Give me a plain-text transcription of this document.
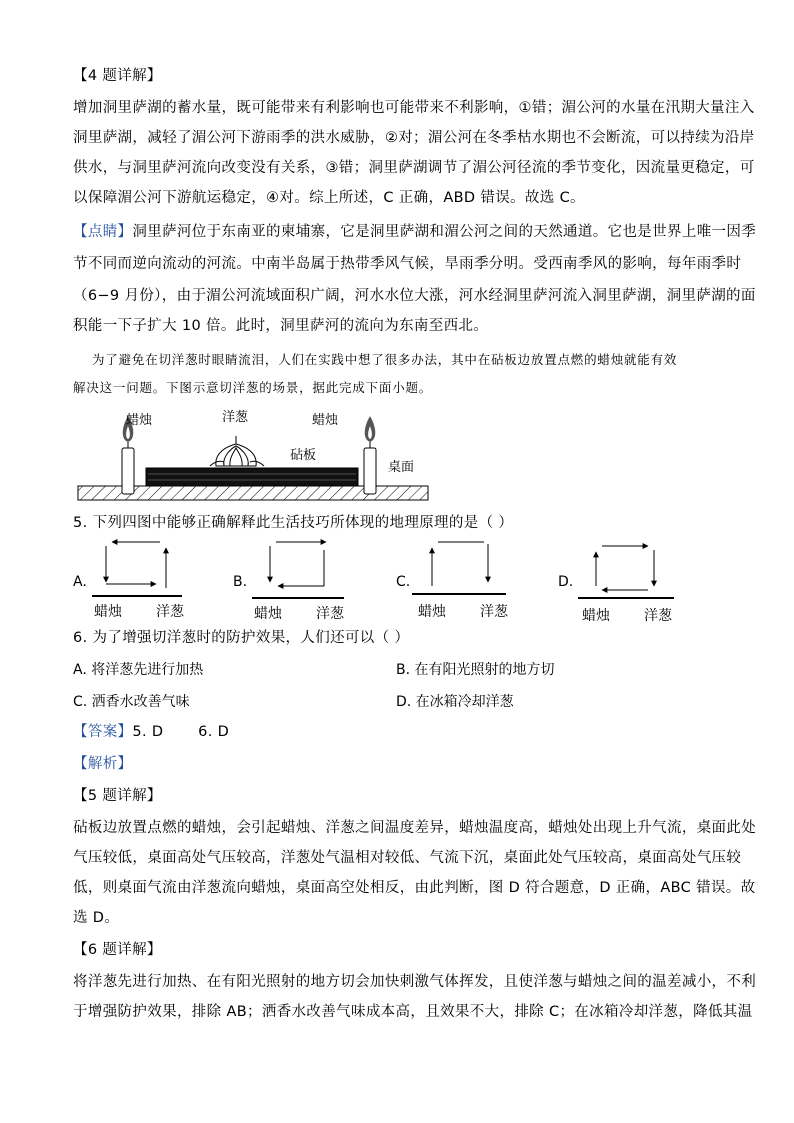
【4 题详解】
增加洞里萨湖的蓄水量，既可能带来有利影响也可能带来不利影响，①错；湄公河的水量在汛期大量注入
洞里萨湖，减轻了湄公河下游雨季的洪水威胁，②对；湄公河在冬季枯水期也不会断流，可以持续为沿岸
供水，与洞里萨河流向改变没有关系，③错；洞里萨湖调节了湄公河径流的季节变化，因流量更稳定，可
以保障湄公河下游航运稳定，④对。综上所述，C 正确，ABD 错误。故选 C。
【点睛】洞里萨河位于东南亚的柬埔寨，它是洞里萨湖和湄公河之间的天然通道。它也是世界上唯一因季
节不同而逆向流动的河流。中南半岛属于热带季风气候，旱雨季分明。受西南季风的影响，每年雨季时
（6−9 月份），由于湄公河流域面积广阔，河水水位大涨，河水经洞里萨河流入洞里萨湖，洞里萨湖的面
积能一下子扩大 10 倍。此时，洞里萨河的流向为东南至西北。
为了避免在切洋葱时眼睛流泪，人们在实践中想了很多办法，其中在砧板边放置点燃的蜡烛就能有效
解决这一问题。下图示意切洋葱的场景，据此完成下面小题。
蜡烛	洋葱	蜡烛
砧板
桌面
5. 下列四图中能够正确解释此生活技巧所体现的地理原理的是（ ）
A.
蜡烛 洋葱
B.
蜡烛 洋葱
C.
蜡烛 洋葱
D.
蜡烛 洋葱
6. 为了增强切洋葱时的防护效果，人们还可以（ ）
A. 将洋葱先进行加热	B. 在有阳光照射的地方切
C. 洒香水改善气味	D. 在冰箱冷却洋葱
【答案】5. D       6. D
【解析】
【5 题详解】
砧板边放置点燃的蜡烛，会引起蜡烛、洋葱之间温度差异，蜡烛温度高，蜡烛处出现上升气流，桌面此处
气压较低，桌面高处气压较高，洋葱处气温相对较低、气流下沉，桌面此处气压较高，桌面高处气压较
低，则桌面气流由洋葱流向蜡烛，桌面高空处相反，由此判断，图 D 符合题意，D 正确，ABC 错误。故
选 D。
【6 题详解】
将洋葱先进行加热、在有阳光照射的地方切会加快刺激气体挥发，且使洋葱与蜡烛之间的温差减小，不利
于增强防护效果，排除 AB；洒香水改善气味成本高，且效果不大，排除 C；在冰箱冷却洋葱，降低其温
